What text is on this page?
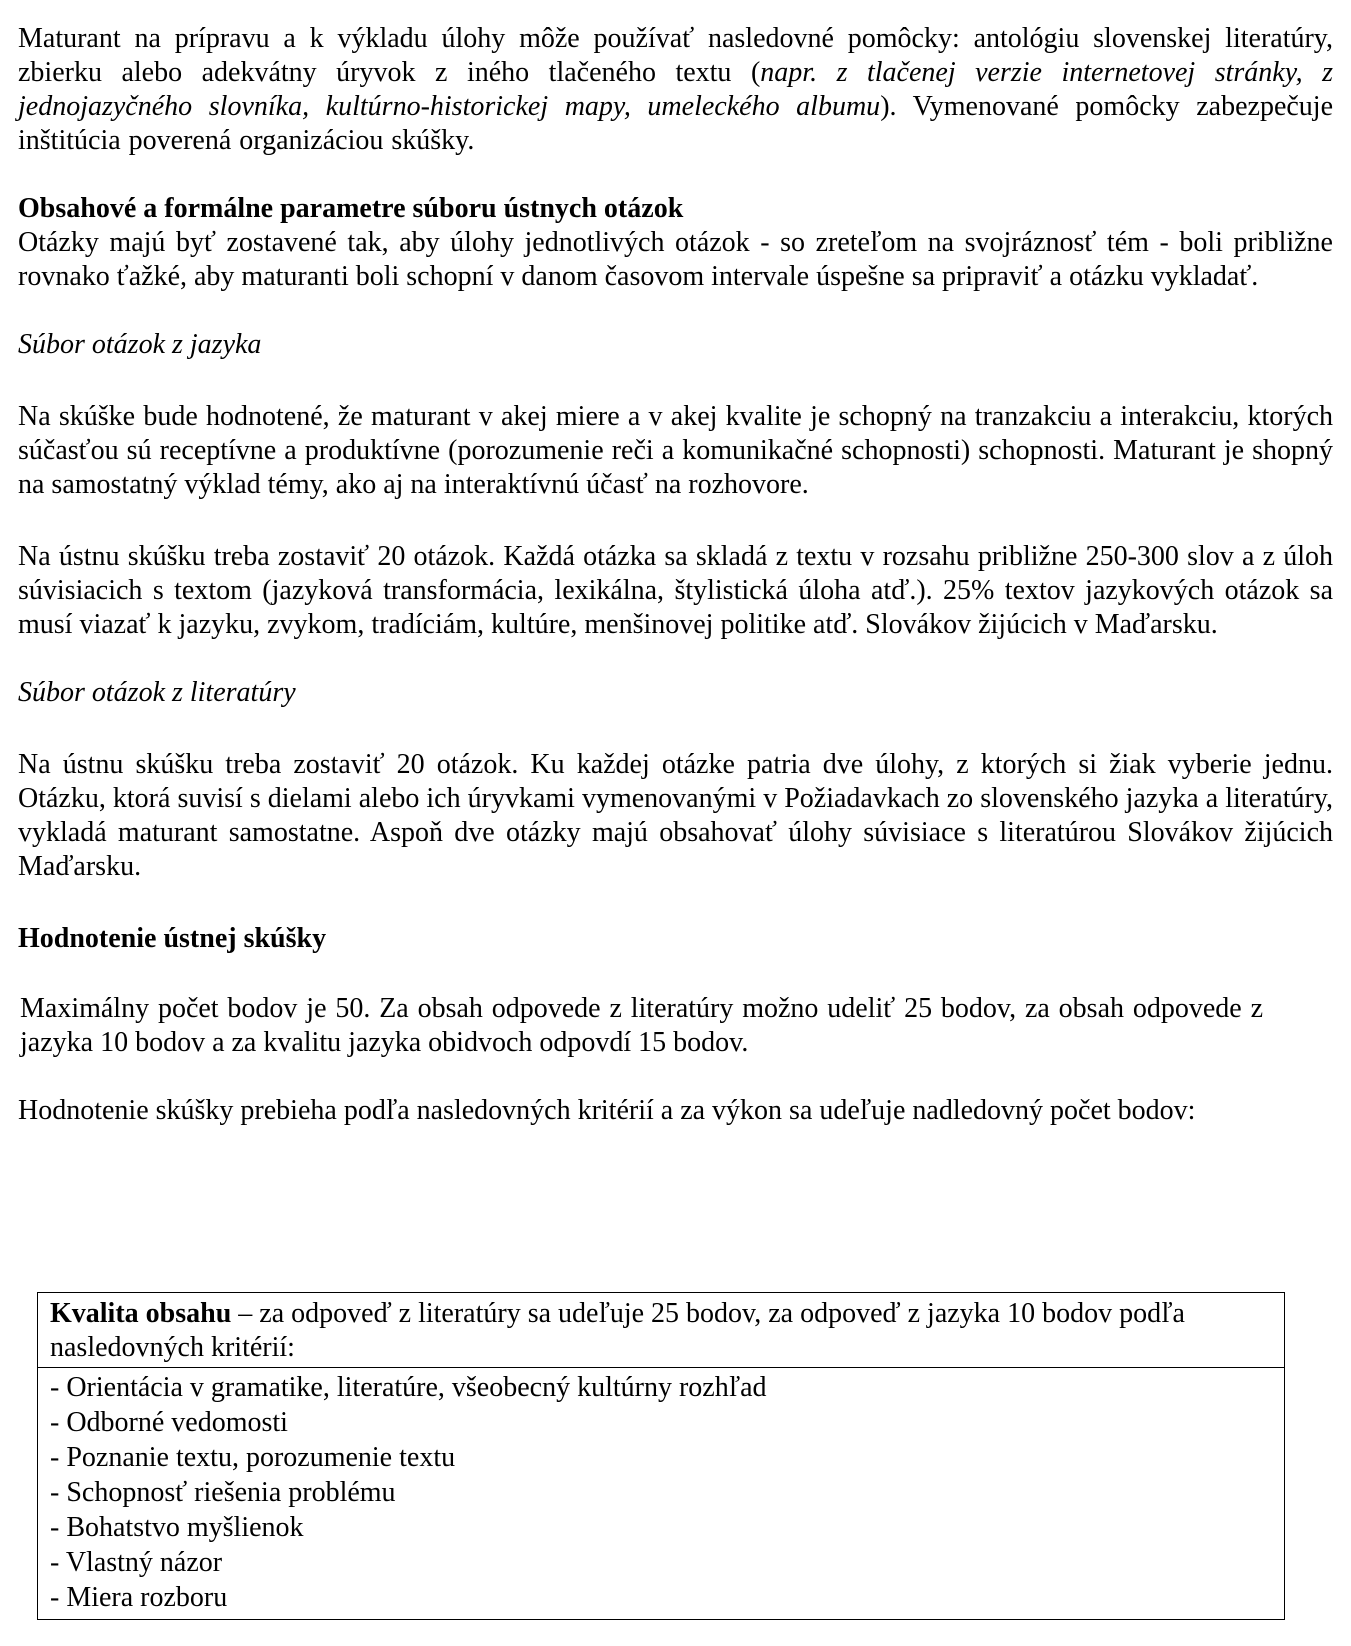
Maturant na prípravu a k výkladu úlohy môže používať nasledovné pomôcky: antológiu slovenskej literatúry, zbierku alebo adekvátny úryvok z iného tlačeného textu (napr. z tlačenej verzie internetovej stránky, z jednojazyčného slovníka, kultúrno-historickej mapy, umeleckého albumu). Vymenované pomôcky zabezpečuje inštitúcia poverená organizáciou skúšky.

Obsahové a formálne parametre súboru ústnych otázok

Otázky majú byť zostavené tak, aby úlohy jednotlivých otázok - so zreteľom na svojráznosť tém - boli približne rovnako ťažké, aby maturanti boli schopní v danom časovom intervale úspešne sa pripraviť a otázku vykladať.

Súbor otázok z jazyka

Na skúške bude hodnotené, že maturant v akej miere a v akej kvalite je schopný na tranzakciu a interakciu, ktorých súčasťou sú receptívne a produktívne (porozumenie reči a komunikačné schopnosti) schopnosti. Maturant je shopný na samostatný výklad témy, ako aj na interaktívnú účasť na rozhovore.

Na ústnu skúšku treba zostaviť 20 otázok. Každá otázka sa skladá z textu v rozsahu približne 250-300 slov a z úloh súvisiacich s textom (jazyková transformácia, lexikálna, štylistická úloha atď.). 25% textov jazykových otázok sa musí viazať k jazyku, zvykom, tradíciám, kultúre, menšinovej politike atď. Slovákov žijúcich v Maďarsku.

Súbor otázok z literatúry

Na ústnu skúšku treba zostaviť 20 otázok. Ku každej otázke patria dve úlohy, z ktorých si žiak vyberie jednu. Otázku, ktorá suvisí s dielami alebo ich úryvkami vymenovanými v Požiadavkach zo slovenského jazyka a literatúry, vykladá maturant samostatne. Aspoň dve otázky majú obsahovať úlohy súvisiace s literatúrou Slovákov žijúcich Maďarsku.

Hodnotenie ústnej skúšky

Maximálny počet bodov je 50. Za obsah odpovede z literatúry možno udeliť 25 bodov, za obsah odpovede z jazyka 10 bodov a za kvalitu jazyka obidvoch odpovdí 15 bodov.

Hodnotenie skúšky prebieha podľa nasledovných kritérií a za výkon sa udeľuje nadledovný počet bodov:

Kvalita obsahu – za odpoveď z literatúry sa udeľuje 25 bodov, za odpoveď z jazyka 10 bodov podľa nasledovných kritérií:
- Orientácia v gramatike, literatúre, všeobecný kultúrny rozhľad
- Odborné vedomosti
- Poznanie textu, porozumenie textu
- Schopnosť riešenia problému
- Bohatstvo myšlienok
- Vlastný názor
- Miera rozboru
